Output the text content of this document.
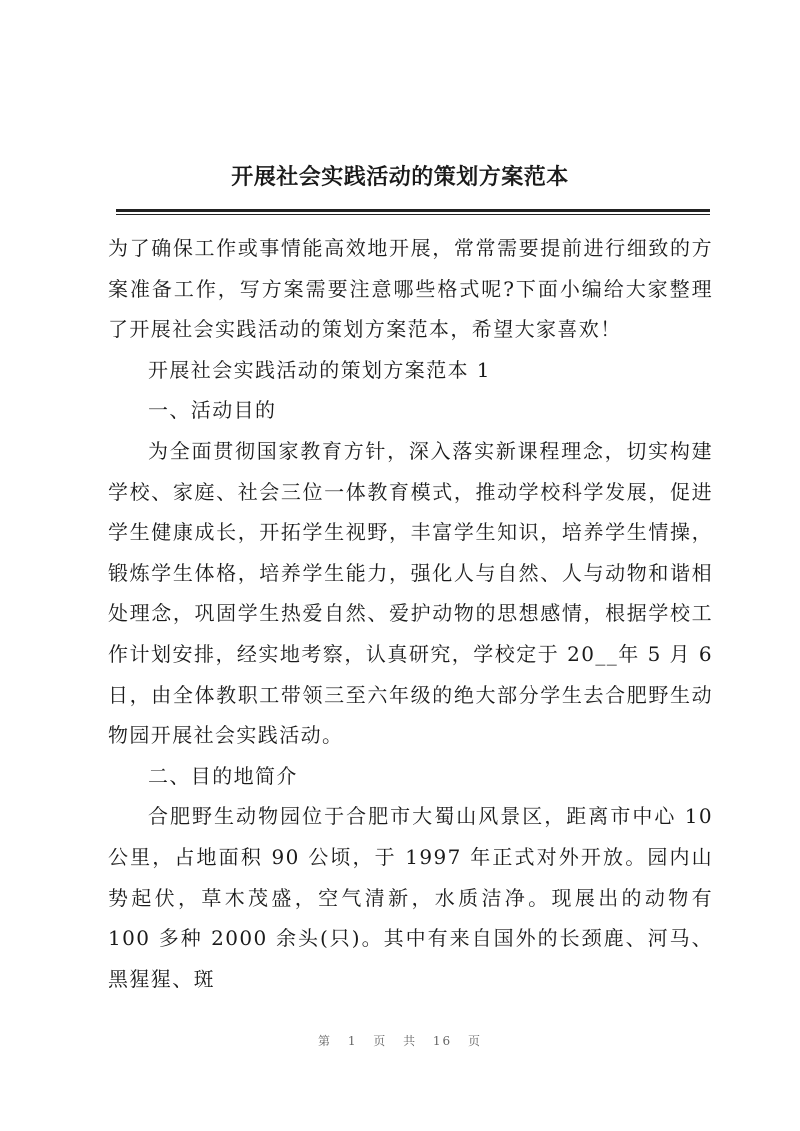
开展社会实践活动的策划方案范本

为了确保工作或事情能高效地开展，常常需要提前进行细致的方案准备工作，写方案需要注意哪些格式呢?下面小编给大家整理了开展社会实践活动的策划方案范本，希望大家喜欢！

开展社会实践活动的策划方案范本 1

一、活动目的

为全面贯彻国家教育方针，深入落实新课程理念，切实构建学校、家庭、社会三位一体教育模式，推动学校科学发展，促进学生健康成长，开拓学生视野，丰富学生知识，培养学生情操，锻炼学生体格，培养学生能力，强化人与自然、人与动物和谐相处理念，巩固学生热爱自然、爱护动物的思想感情，根据学校工作计划安排，经实地考察，认真研究，学校定于 20__年 5 月 6 日，由全体教职工带领三至六年级的绝大部分学生去合肥野生动物园开展社会实践活动。

二、目的地简介

合肥野生动物园位于合肥市大蜀山风景区，距离市中心 10 公里，占地面积 90 公顷，于 1997 年正式对外开放。园内山势起伏，草木茂盛，空气清新，水质洁净。现展出的动物有 100 多种 2000 余头(只)。其中有来自国外的长颈鹿、河马、黑猩猩、斑

第 1 页 共 16 页
